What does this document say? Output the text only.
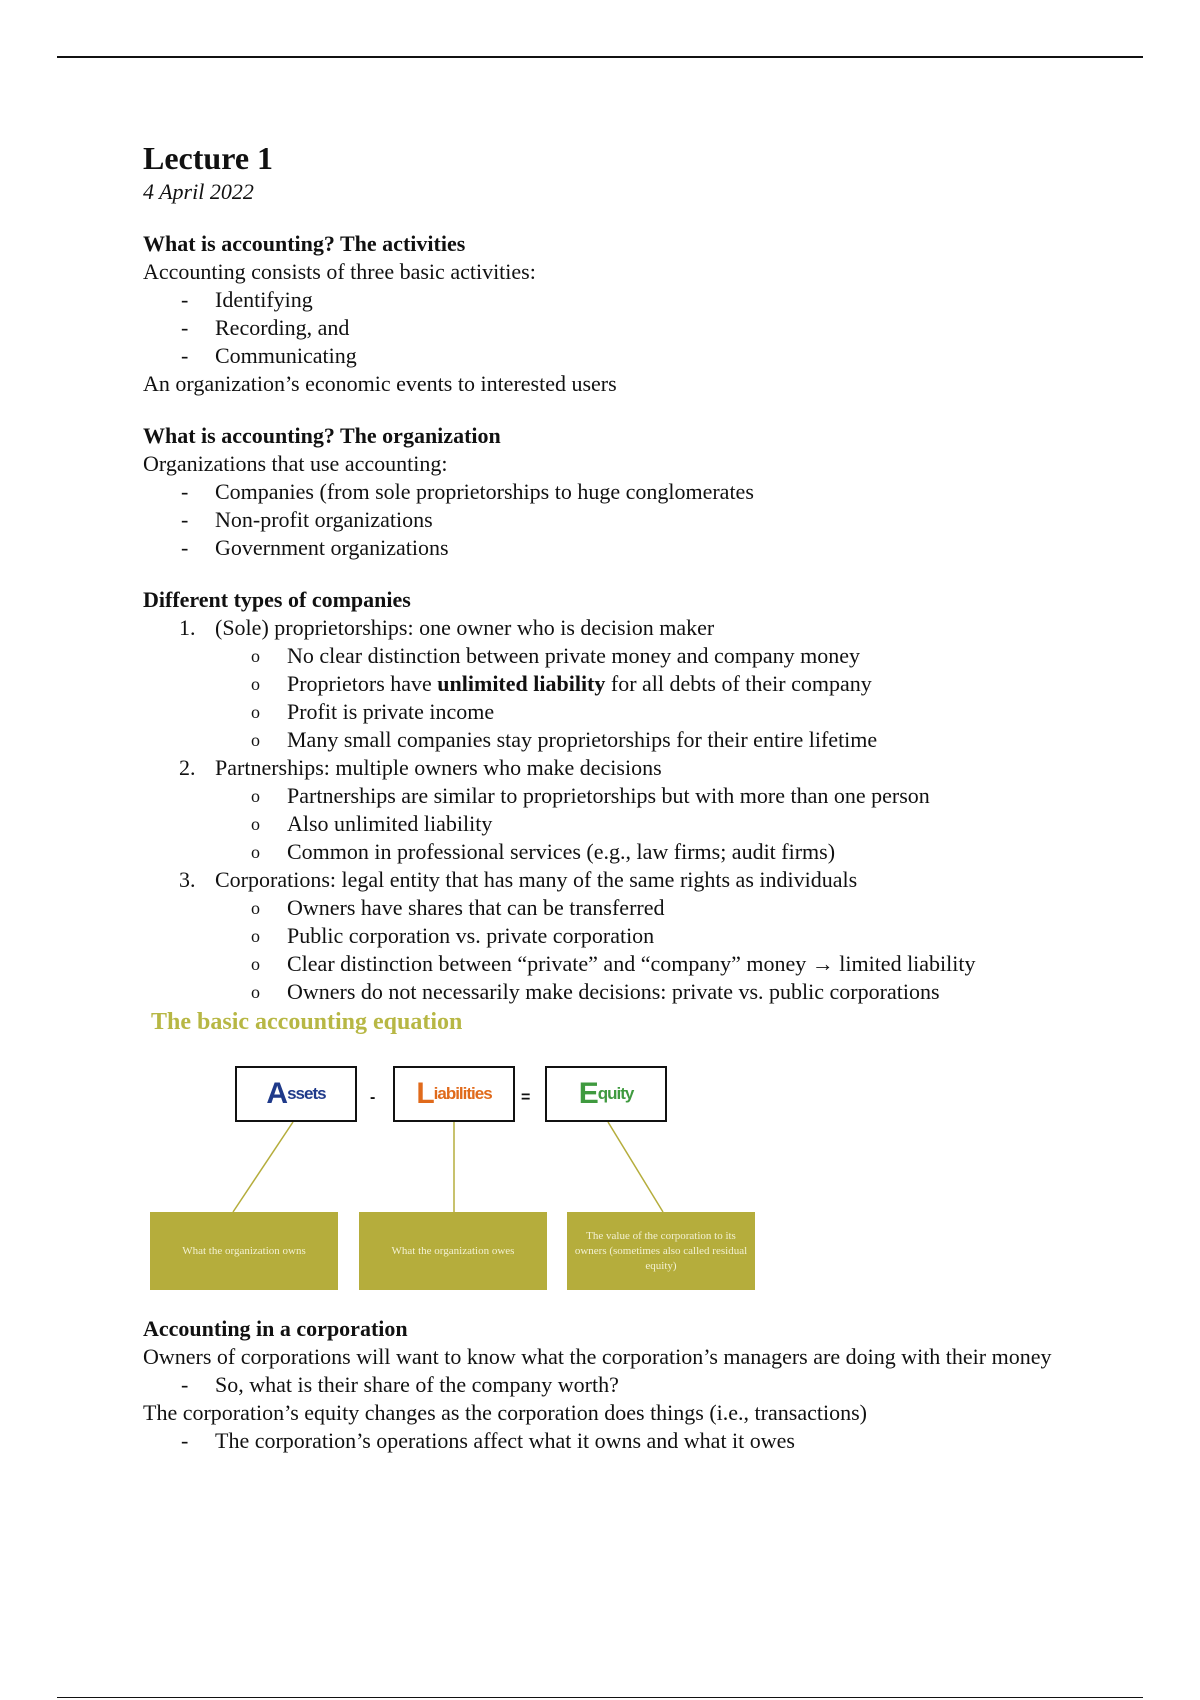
Lecture 1

4 April 2022

What is accounting? The activities

Accounting consists of three basic activities:

- Identifying
- Recording, and
- Communicating

An organization’s economic events to interested users

What is accounting? The organization

Organizations that use accounting:

- Companies (from sole proprietorships to huge conglomerates
- Non-profit organizations
- Government organizations
Different types of companies
1. (Sole) proprietorships: one owner who is decision maker
o No clear distinction between private money and company money
o Proprietors have unlimited liability for all debts of their company
o Profit is private income
o Many small companies stay proprietorships for their entire lifetime
2. Partnerships: multiple owners who make decisions
o Partnerships are similar to proprietorships but with more than one person
o Also unlimited liability
o Common in professional services (e.g., law firms; audit firms)
3. Corporations: legal entity that has many of the same rights as individuals
o Owners have shares that can be transferred
o Public corporation vs. private corporation
o Clear distinction between “private” and “company” money → limited liability
o Owners do not necessarily make decisions: private vs. public corporations
The basic accounting equation
A ssets	- L iabilities = E quity
What the organization owns	What the organization owes
The value of the corporation to its owners (sometimes also called residual equity)
Accounting in a corporation

Owners of corporations will want to know what the corporation’s managers are doing with their money

- So, what is their share of the company worth?

The corporation’s equity changes as the corporation does things (i.e., transactions)

- The corporation’s operations affect what it owns and what it owes
